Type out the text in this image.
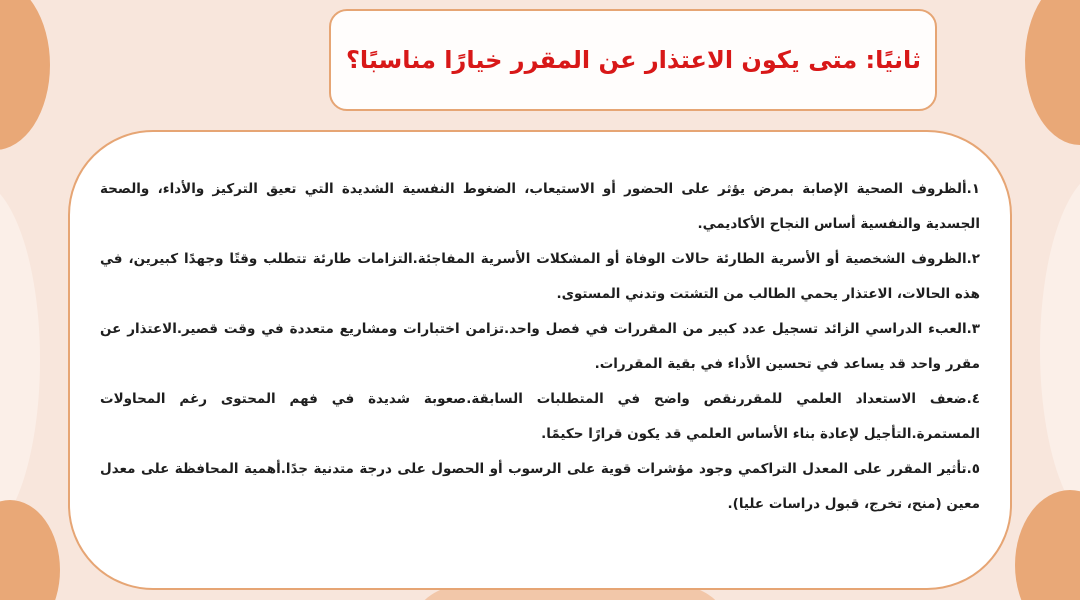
ثانيًا: متى يكون الاعتذار عن المقرر خيارًا مناسبًا؟
١.ألظروف الصحية الإصابة بمرض يؤثر على الحضور أو الاستيعاب، الضغوط النفسية الشديدة التي تعيق التركيز والأداء، والصحة الجسدية والنفسية أساس النجاح الأكاديمي.
٢.الظروف الشخصية أو الأسرية الطارئة حالات الوفاة أو المشكلات الأسرية المفاجئة.التزامات طارئة تتطلب وقتًا وجهدًا كبيرين، في هذه الحالات، الاعتذار يحمي الطالب من التشتت وتدني المستوى.
٣.العبء الدراسي الزائد تسجيل عدد كبير من المقررات في فصل واحد.تزامن اختبارات ومشاريع متعددة في وقت قصير.الاعتذار عن مقرر واحد قد يساعد في تحسين الأداء في بقية المقررات.
٤.ضعف الاستعداد العلمي للمقررنقص واضح في المتطلبات السابقة.صعوبة شديدة في فهم المحتوى رغم المحاولات المستمرة.التأجيل لإعادة بناء الأساس العلمي قد يكون قرارًا حكيمًا.
٥.تأثير المقرر على المعدل التراكمي وجود مؤشرات قوية على الرسوب أو الحصول على درجة متدنية جدًا.أهمية المحافظة على معدل معين (منح، تخرج، قبول دراسات عليا).
